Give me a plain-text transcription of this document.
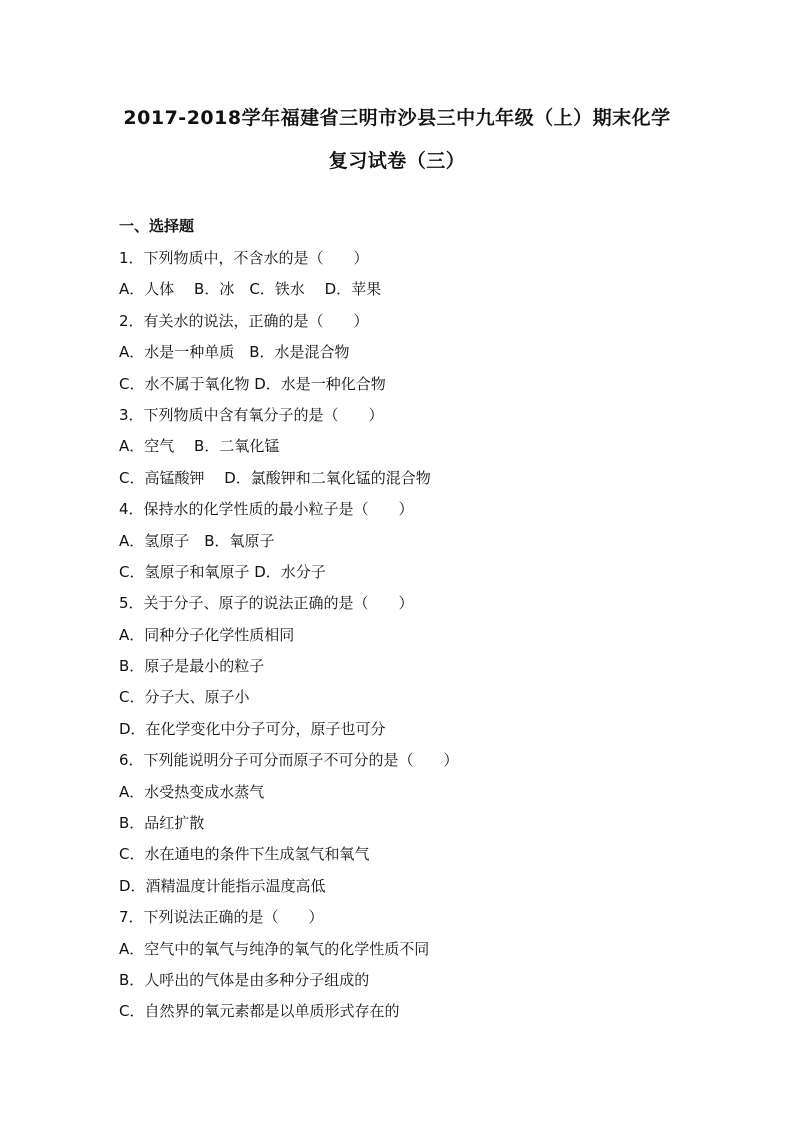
2017-2018学年福建省三明市沙县三中九年级（上）期末化学
复习试卷（三）
一、选择题
1．下列物质中，不含水的是（　　）
A．人体　 B．冰　C．铁水　 D．苹果
2．有关水的说法，正确的是（　　）
A．水是一种单质　B．水是混合物
C．水不属于氧化物 D．水是一种化合物
3．下列物质中含有氧分子的是（　　）
A．空气　 B．二氧化锰
C．高锰酸钾　 D．氯酸钾和二氧化锰的混合物
4．保持水的化学性质的最小粒子是（　　）
A．氢原子　B．氧原子
C．氢原子和氧原子 D．水分子
5．关于分子、原子的说法正确的是（　　）
A．同种分子化学性质相同
B．原子是最小的粒子
C．分子大、原子小
D．在化学变化中分子可分，原子也可分
6．下列能说明分子可分而原子不可分的是（　　）
A．水受热变成水蒸气
B．品红扩散
C．水在通电的条件下生成氢气和氧气
D．酒精温度计能指示温度高低
7．下列说法正确的是（　　）
A．空气中的氧气与纯净的氧气的化学性质不同
B．人呼出的气体是由多种分子组成的
C．自然界的氧元素都是以单质形式存在的
